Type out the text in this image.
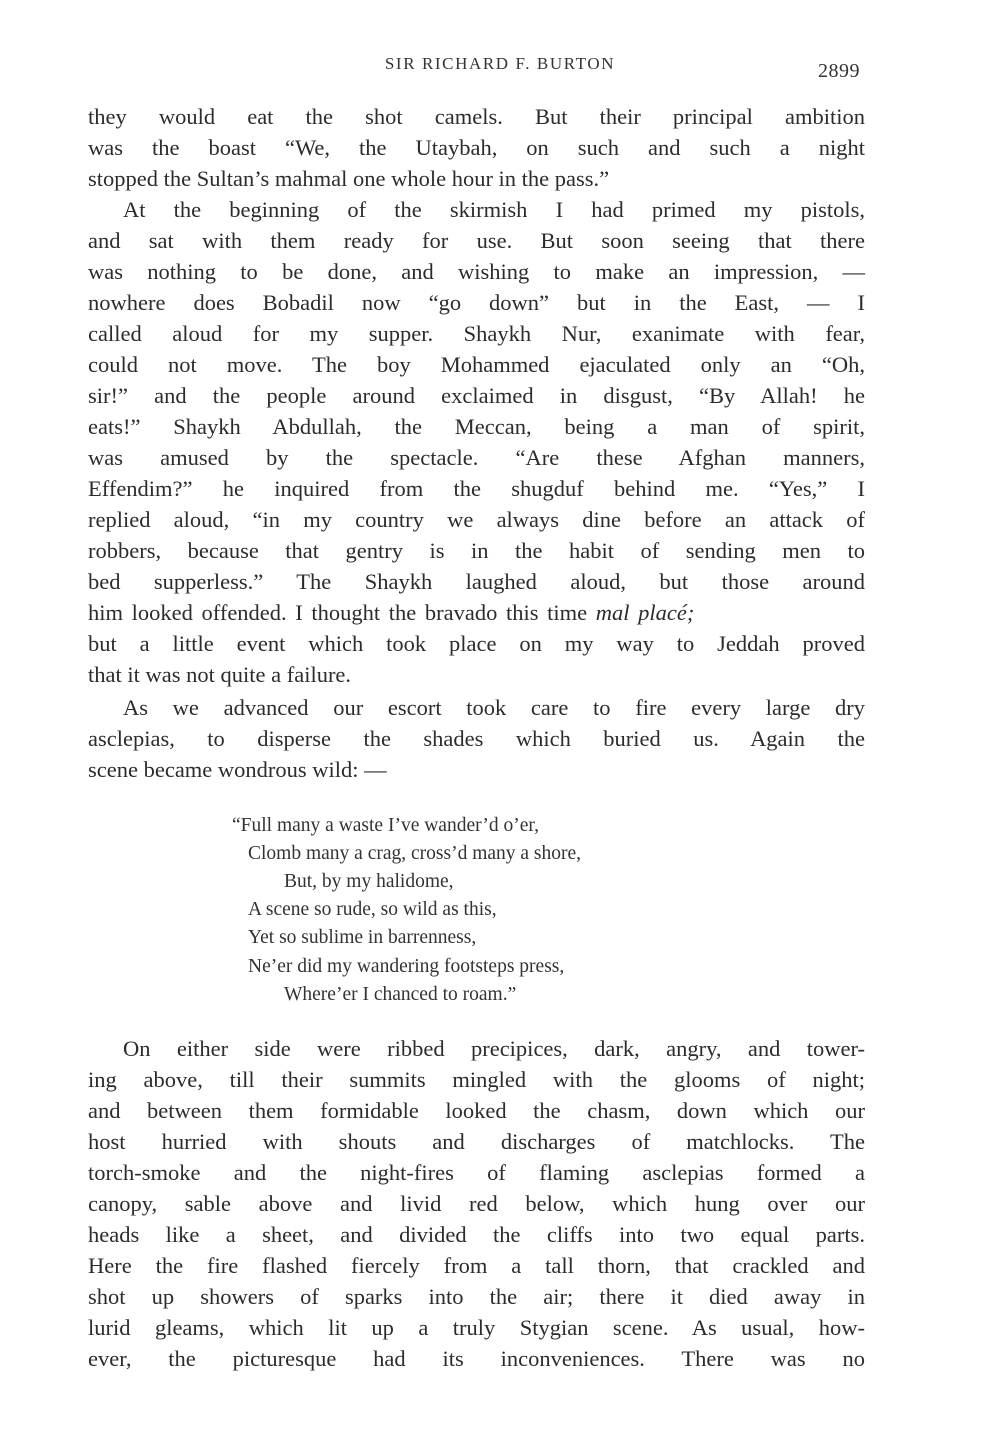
SIR RICHARD F. BURTON	2899
they would eat the shot camels. But their principal ambition
was the boast “We, the Utaybah, on such and such a night
stopped the Sultan’s mahmal one whole hour in the pass.”
At the beginning of the skirmish I had primed my pistols,
and sat with them ready for use. But soon seeing that there
was nothing to be done, and wishing to make an impression, —
nowhere does Bobadil now “go down” but in the East, — I
called aloud for my supper. Shaykh Nur, exanimate with fear,
could not move. The boy Mohammed ejaculated only an “Oh,
sir!” and the people around exclaimed in disgust, “By Allah! he
eats!” Shaykh Abdullah, the Meccan, being a man of spirit,
was amused by the spectacle. “Are these Afghan manners,
Effendim?” he inquired from the shugduf behind me. “Yes,” I
replied aloud, “in my country we always dine before an attack of
robbers, because that gentry is in the habit of sending men to
bed supperless.” The Shaykh laughed aloud, but those around
him looked offended. I thought the bravado this time mal placé;
but a little event which took place on my way to Jeddah proved
that it was not quite a failure.
As we advanced our escort took care to fire every large dry
asclepias, to disperse the shades which buried us. Again the
scene became wondrous wild: —
“Full many a waste I’ve wander’d o’er,
Clomb many a crag, cross’d many a shore,
But, by my halidome,
A scene so rude, so wild as this,
Yet so sublime in barrenness,
Ne’er did my wandering footsteps press,
Where’er I chanced to roam.”
On either side were ribbed precipices, dark, angry, and tower-
ing above, till their summits mingled with the glooms of night;
and between them formidable looked the chasm, down which our
host hurried with shouts and discharges of matchlocks. The
torch-smoke and the night-fires of flaming asclepias formed a
canopy, sable above and livid red below, which hung over our
heads like a sheet, and divided the cliffs into two equal parts.
Here the fire flashed fiercely from a tall thorn, that crackled and
shot up showers of sparks into the air; there it died away in
lurid gleams, which lit up a truly Stygian scene. As usual, how-
ever, the picturesque had its inconveniences. There was no
